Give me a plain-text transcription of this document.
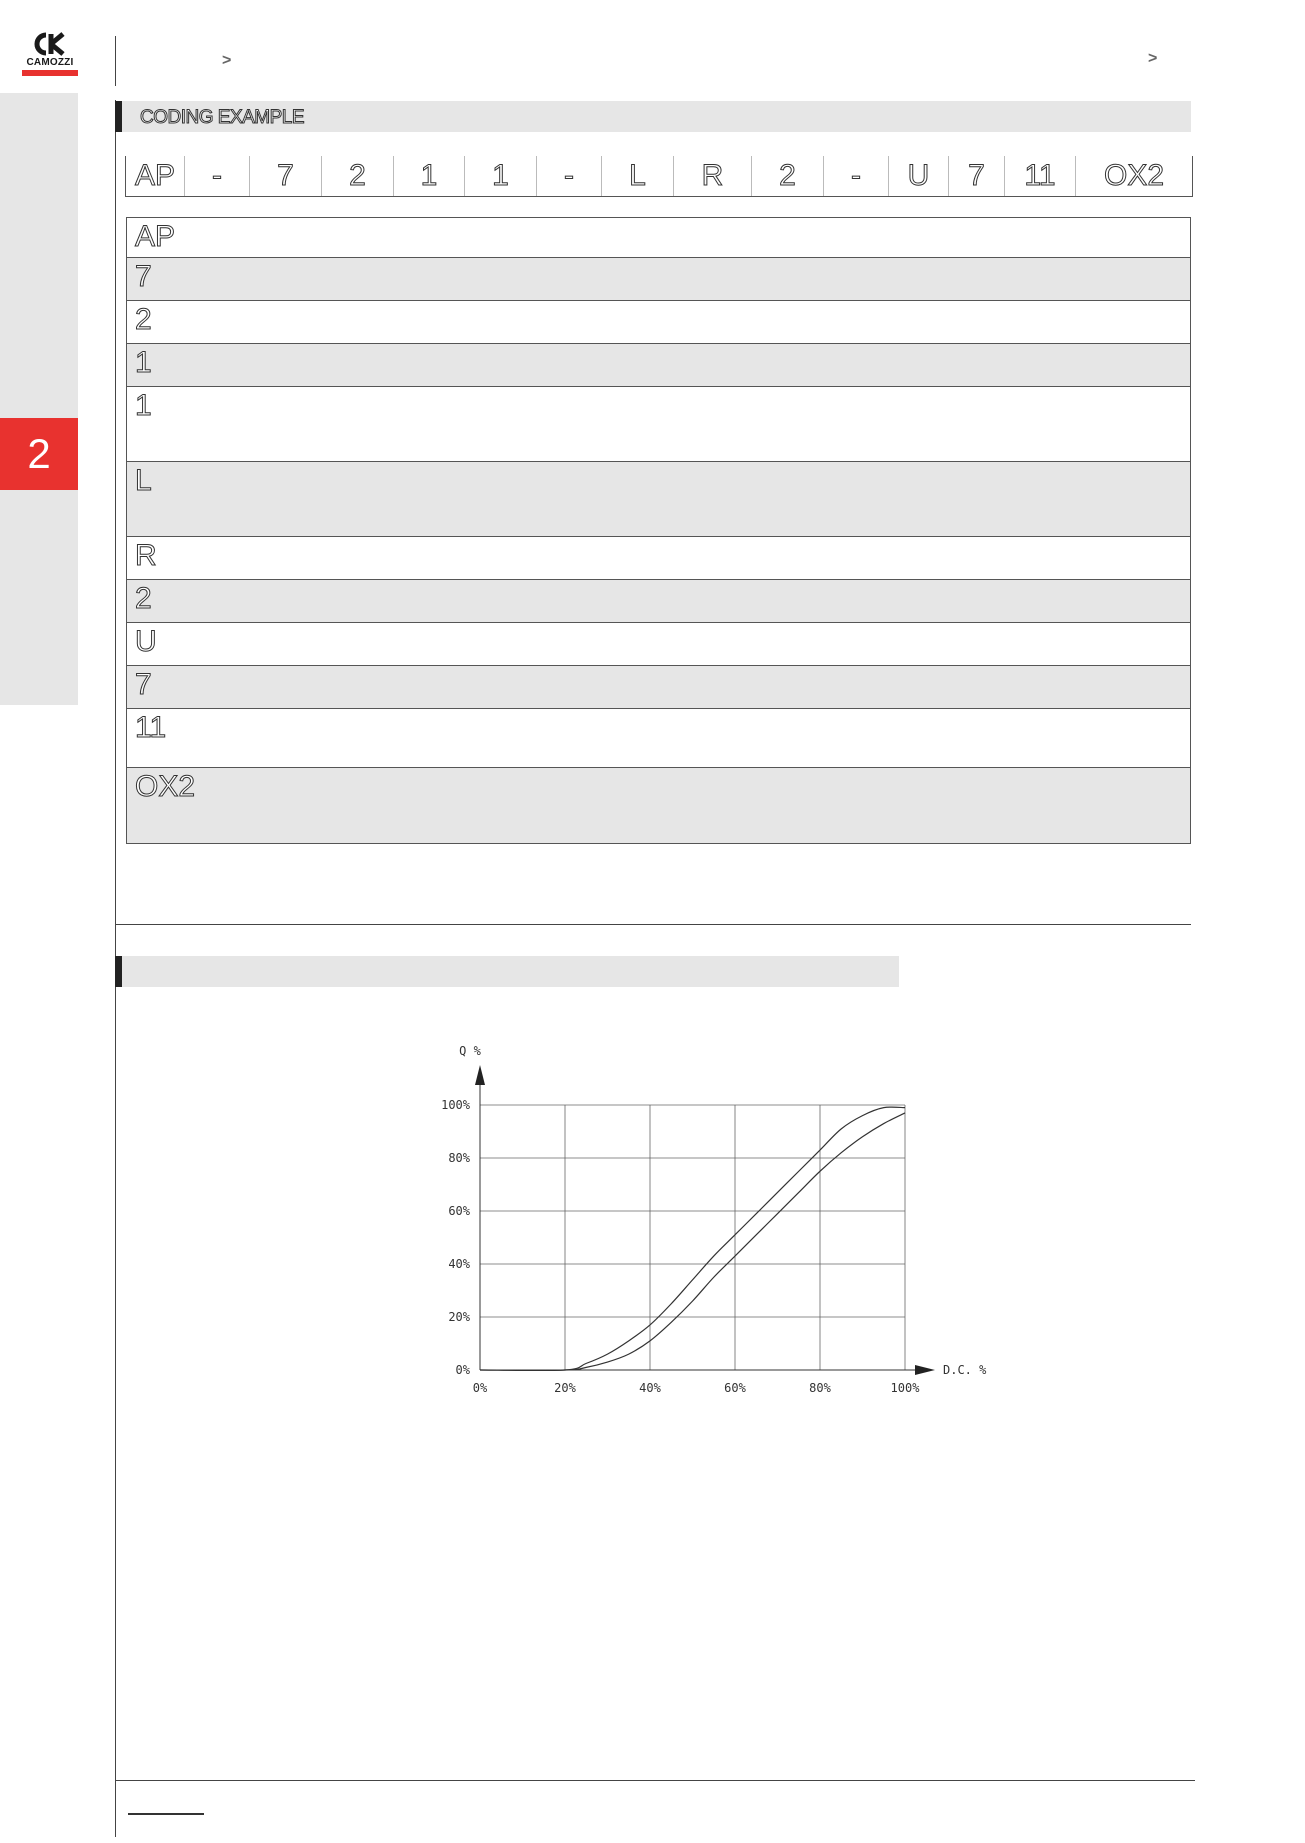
2
CAMOZZI	>	>
CODING EXAMPLE
AP	-	7	2	1	1	-	L	R	2	-	U	7	11	OX2
AP
7
2
1
1
L
R
2
U
7
11
OX2
0%	20%	40%	60%	80%	100%
0%
20%
40%
60%
80%
100%
D.C. %
Q %
